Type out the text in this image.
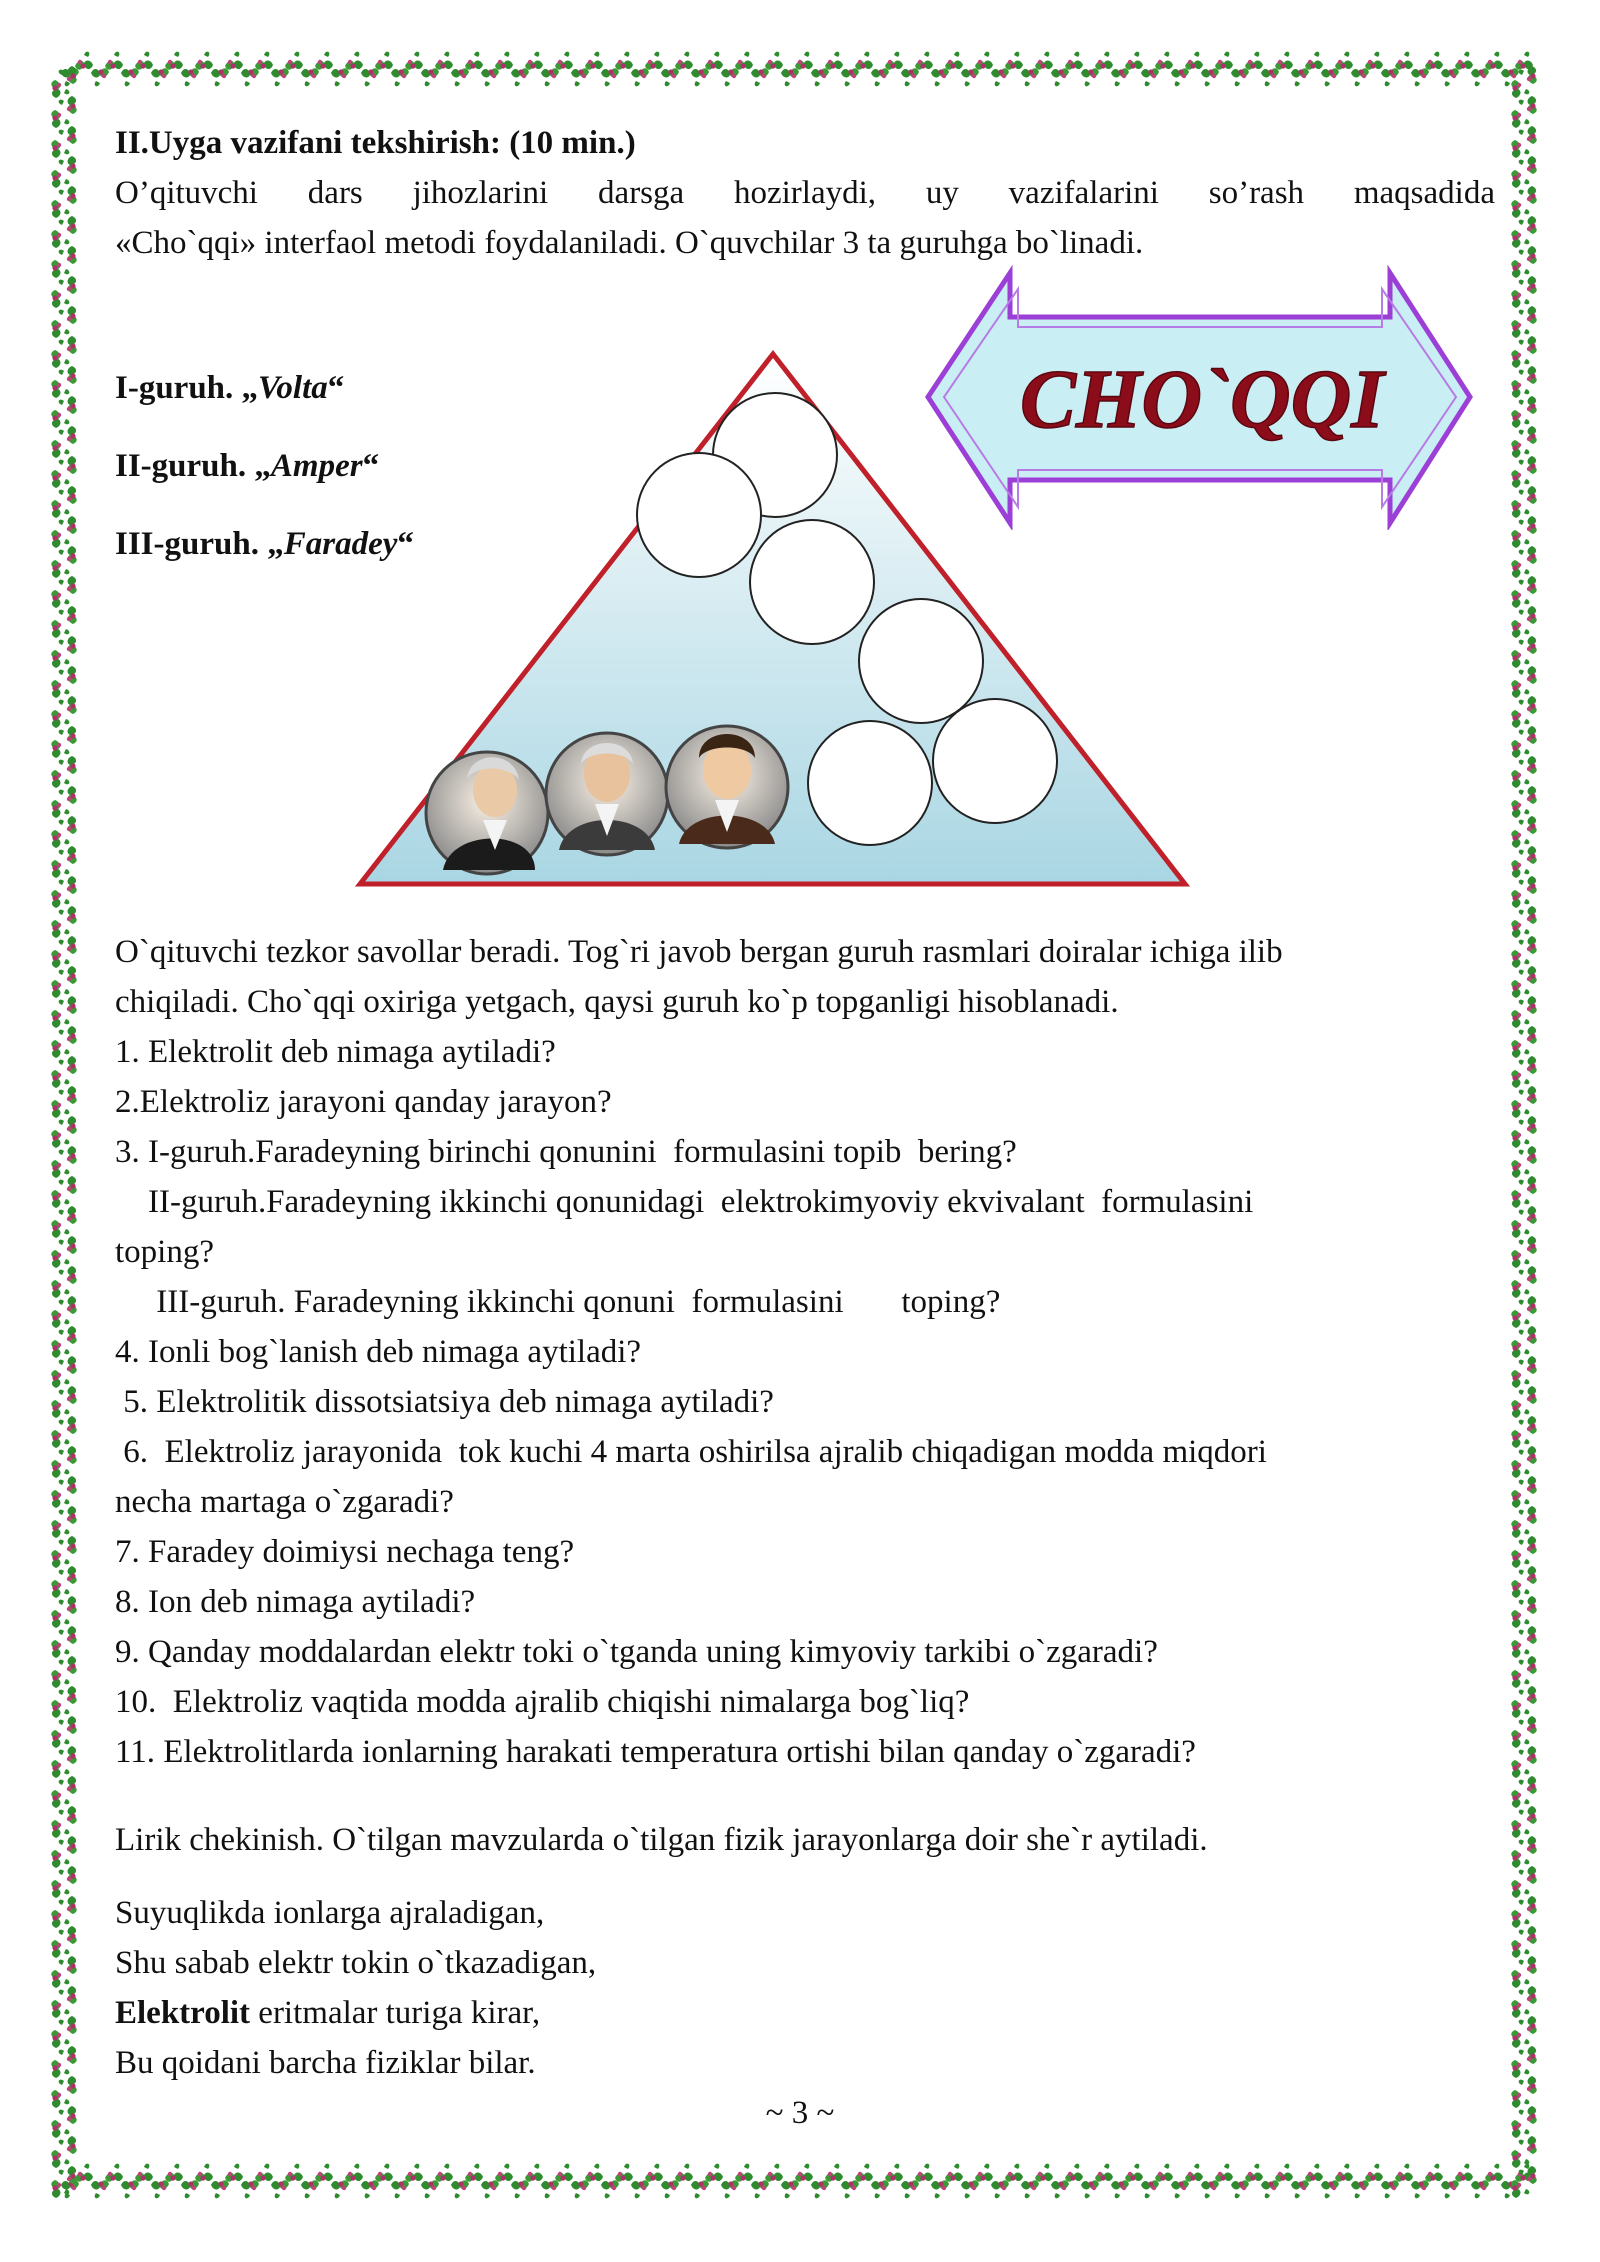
II.Uyga vazifani tekshirish: (10 min.)
O’qituvchi dars jihozlarini darsga hozirlaydi, uy vazifalarini so’rash maqsadida
«Cho`qqi» interfaol metodi foydalaniladi. O`quvchilar 3 ta guruhga bo`linadi.
I-guruh. „Volta“
II-guruh. „Amper“
III-guruh. „Faradey“
CHO`QQI
O`qituvchi tezkor savollar beradi. Tog`ri javob bergan guruh rasmlari doiralar ichiga ilib
chiqiladi. Cho`qqi oxiriga yetgach, qaysi guruh ko`p topganligi hisoblanadi.
1. Elektrolit deb nimaga aytiladi?
2.Elektroliz jarayoni qanday jarayon?
3. I-guruh.Faradeyning birinchi qonunini  formulasini topib  bering?
II-guruh.Faradeyning ikkinchi qonunidagi  elektrokimyoviy ekvivalant  formulasini
toping?
III-guruh. Faradeyning ikkinchi qonuni  formulasini       toping?
4. Ionli bog`lanish deb nimaga aytiladi?
5. Elektrolitik dissotsiatsiya deb nimaga aytiladi?
6.  Elektroliz jarayonida  tok kuchi 4 marta oshirilsa ajralib chiqadigan modda miqdori
necha martaga o`zgaradi?
7. Faradey doimiysi nechaga teng?
8. Ion deb nimaga aytiladi?
9. Qanday moddalardan elektr toki o`tganda uning kimyoviy tarkibi o`zgaradi?
10.  Elektroliz vaqtida modda ajralib chiqishi nimalarga bog`liq?
11. Elektrolitlarda ionlarning harakati temperatura ortishi bilan qanday o`zgaradi?
Lirik chekinish. O`tilgan mavzularda o`tilgan fizik jarayonlarga doir she`r aytiladi.
Suyuqlikda ionlarga ajraladigan,
Shu sabab elektr tokin o`tkazadigan,
Elektrolit eritmalar turiga kirar,
Bu qoidani barcha fiziklar bilar.
~ 3 ~
